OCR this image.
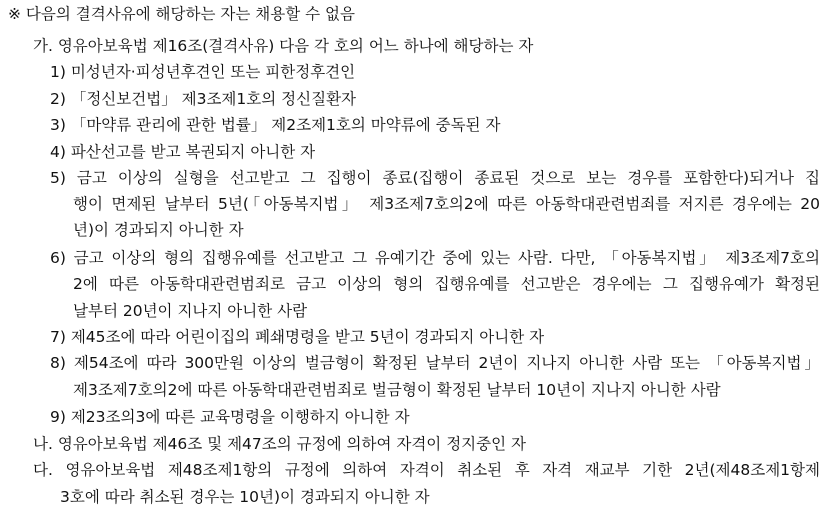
※ 다음의 결격사유에 해당하는 자는 채용할 수 없음
가. 영유아보육법 제16조(결격사유) 다음 각 호의 어느 하나에 해당하는 자
1) 미성년자·피성년후견인 또는 피한정후견인
2) 「정신보건법」 제3조제1호의 정신질환자
3) 「마약류 관리에 관한 법률」 제2조제1호의 마약류에 중독된 자
4) 파산선고를 받고 복권되지 아니한 자
5) 금고 이상의 실형을 선고받고 그 집행이 종료(집행이 종료된 것으로 보는 경우를 포함한다)되거나 집
행이 면제된 날부터 5년(「아동복지법」 제3조제7호의2에 따른 아동학대관련범죄를 저지른 경우에는 20
년)이 경과되지 아니한 자
6) 금고 이상의 형의 집행유예를 선고받고 그 유예기간 중에 있는 사람. 다만, 「아동복지법」 제3조제7호의
2에 따른 아동학대관련범죄로 금고 이상의 형의 집행유예를 선고받은 경우에는 그 집행유예가 확정된
날부터 20년이 지나지 아니한 사람
7) 제45조에 따라 어린이집의 폐쇄명령을 받고 5년이 경과되지 아니한 자
8) 제54조에 따라 300만원 이상의 벌금형이 확정된 날부터 2년이 지나지 아니한 사람 또는 「아동복지법」
제3조제7호의2에 따른 아동학대관련범죄로 벌금형이 확정된 날부터 10년이 지나지 아니한 사람
9) 제23조의3에 따른 교육명령을 이행하지 아니한 자
나. 영유아보육법 제46조 및 제47조의 규정에 의하여 자격이 정지중인 자
다. 영유아보육법 제48조제1항의 규정에 의하여 자격이 취소된 후 자격 재교부 기한 2년(제48조제1항제
3호에 따라 취소된 경우는 10년)이 경과되지 아니한 자
